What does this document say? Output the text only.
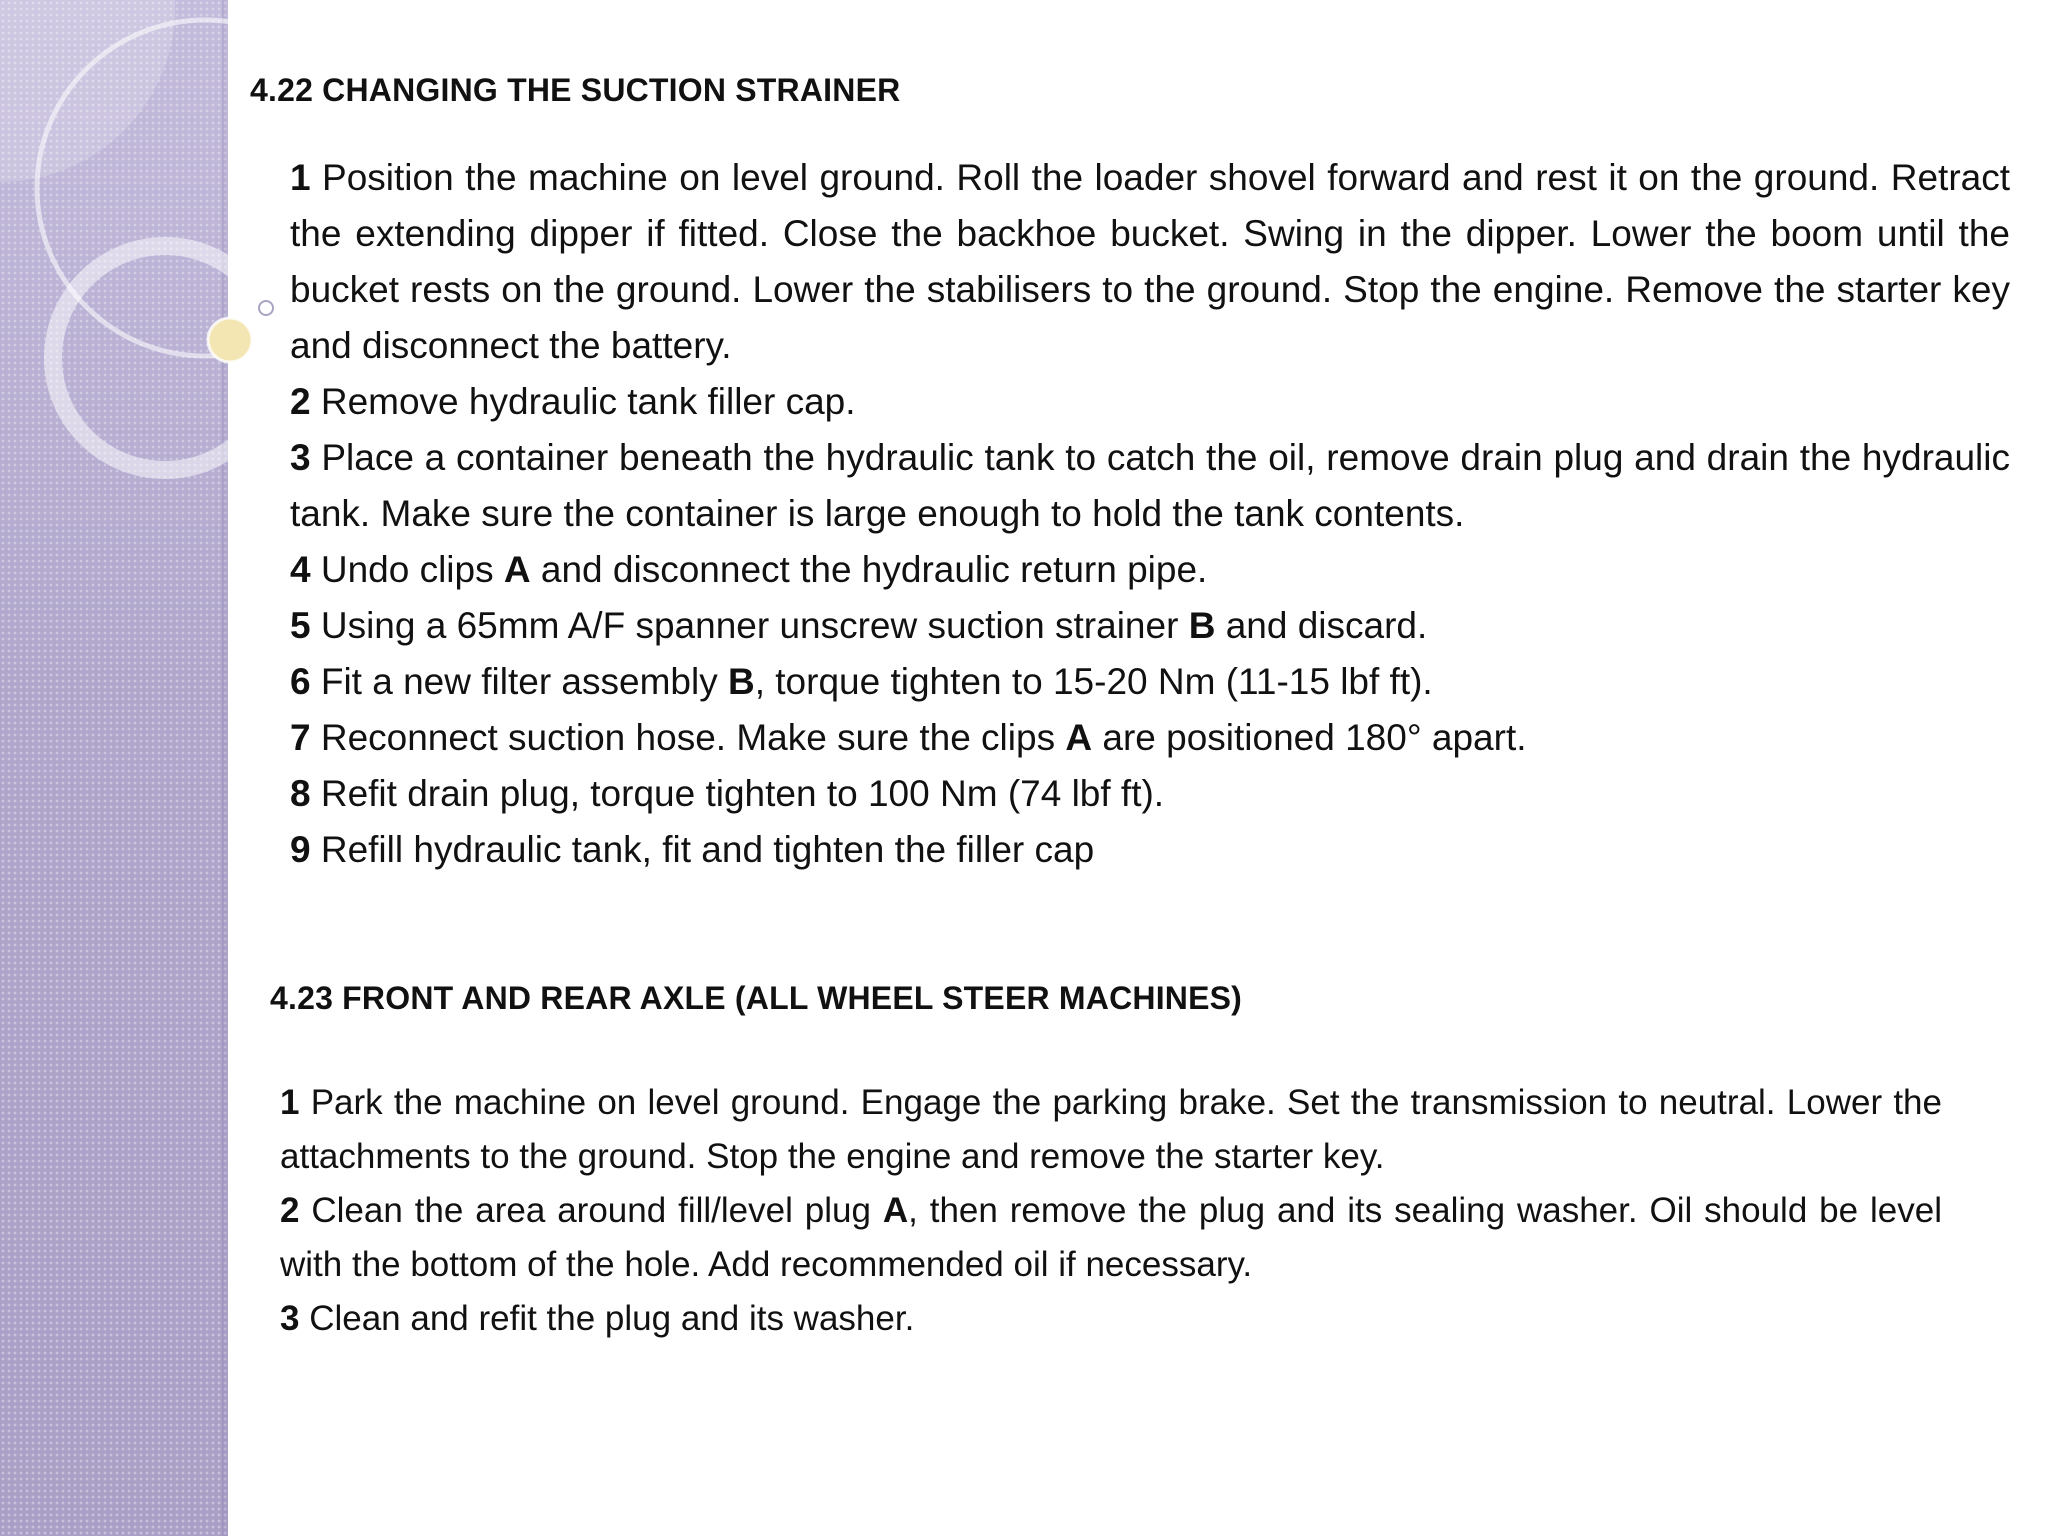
4.22 CHANGING THE SUCTION STRAINER

1 Position the machine on level ground. Roll the loader shovel forward and rest it on the ground. Retract the extending dipper if fitted. Close the backhoe bucket. Swing in the dipper. Lower the boom until the bucket rests on the ground. Lower the stabilisers to the ground. Stop the engine. Remove the starter key and disconnect the battery.

2 Remove hydraulic tank filler cap.

3 Place a container beneath the hydraulic tank to catch the oil, remove drain plug and drain the hydraulic tank. Make sure the container is large enough to hold the tank contents.

4 Undo clips A and disconnect the hydraulic return pipe.

5 Using a 65mm A/F spanner unscrew suction strainer B and discard.

6 Fit a new filter assembly B, torque tighten to 15-20 Nm (11-15 lbf ft).

7 Reconnect suction hose. Make sure the clips A are positioned 180° apart.

8 Refit drain plug, torque tighten to 100 Nm (74 lbf ft).

9 Refill hydraulic tank, fit and tighten the filler cap

4.23 FRONT AND REAR AXLE (ALL WHEEL STEER MACHINES)

1 Park the machine on level ground. Engage the parking brake. Set the transmission to neutral. Lower the attachments to the ground. Stop the engine and remove the starter key.

2 Clean the area around fill/level plug A, then remove the plug and its sealing washer. Oil should be level with the bottom of the hole. Add recommended oil if necessary.

3 Clean and refit the plug and its washer.
